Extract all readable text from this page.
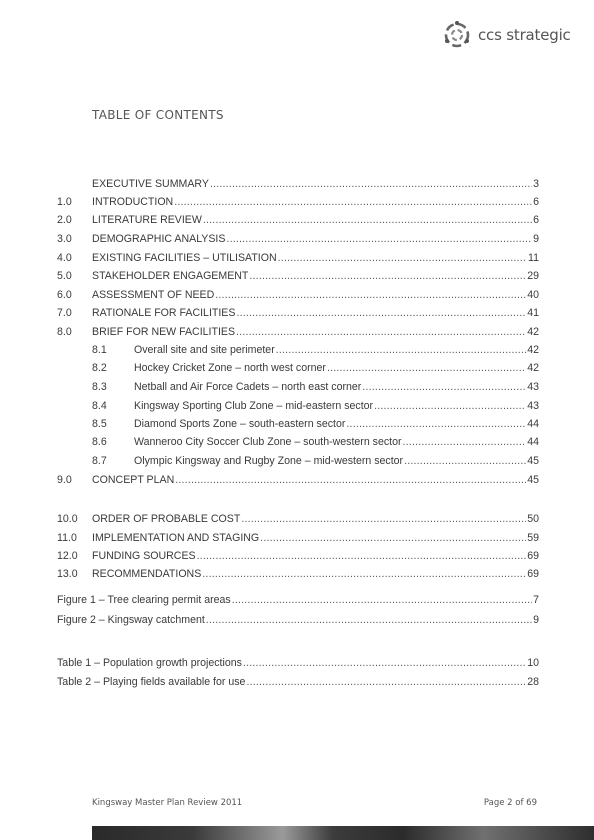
ccs strategic
TABLE OF CONTENTS
EXECUTIVE SUMMARY .....	3
1.0	INTRODUCTION .....	6
2.0	LITERATURE REVIEW .....	6
3.0	DEMOGRAPHIC ANALYSIS .....	9
4.0	EXISTING FACILITIES – UTILISATION .....	11
5.0	STAKEHOLDER ENGAGEMENT .....	29
6.0	ASSESSMENT OF NEED .....	40
7.0	RATIONALE FOR FACILITIES .....	41
8.0	BRIEF FOR NEW FACILITIES .....	42
8.1	Overall site and site perimeter .....	42
8.2	Hockey Cricket Zone – north west corner .....	42
8.3	Netball and Air Force Cadets – north east corner .....	43
8.4	Kingsway Sporting Club Zone – mid-eastern sector .....	43
8.5	Diamond Sports Zone – south-eastern sector .....	44
8.6	Wanneroo City Soccer Club Zone – south-western sector .....	44
8.7	Olympic Kingsway and Rugby Zone – mid-western sector .....	45
9.0	CONCEPT PLAN .....	45
10.0	ORDER OF PROBABLE COST .....	50
11.0	IMPLEMENTATION AND STAGING .....	59
12.0	FUNDING SOURCES .....	69
13.0	RECOMMENDATIONS .....	69
Figure 1 – Tree clearing permit areas .....	7
Figure 2 – Kingsway catchment .....	9
Table 1 – Population growth projections .....	10
Table 2 – Playing fields available for use .....	28
Kingsway Master Plan Review 2011	Page 2 of 69
